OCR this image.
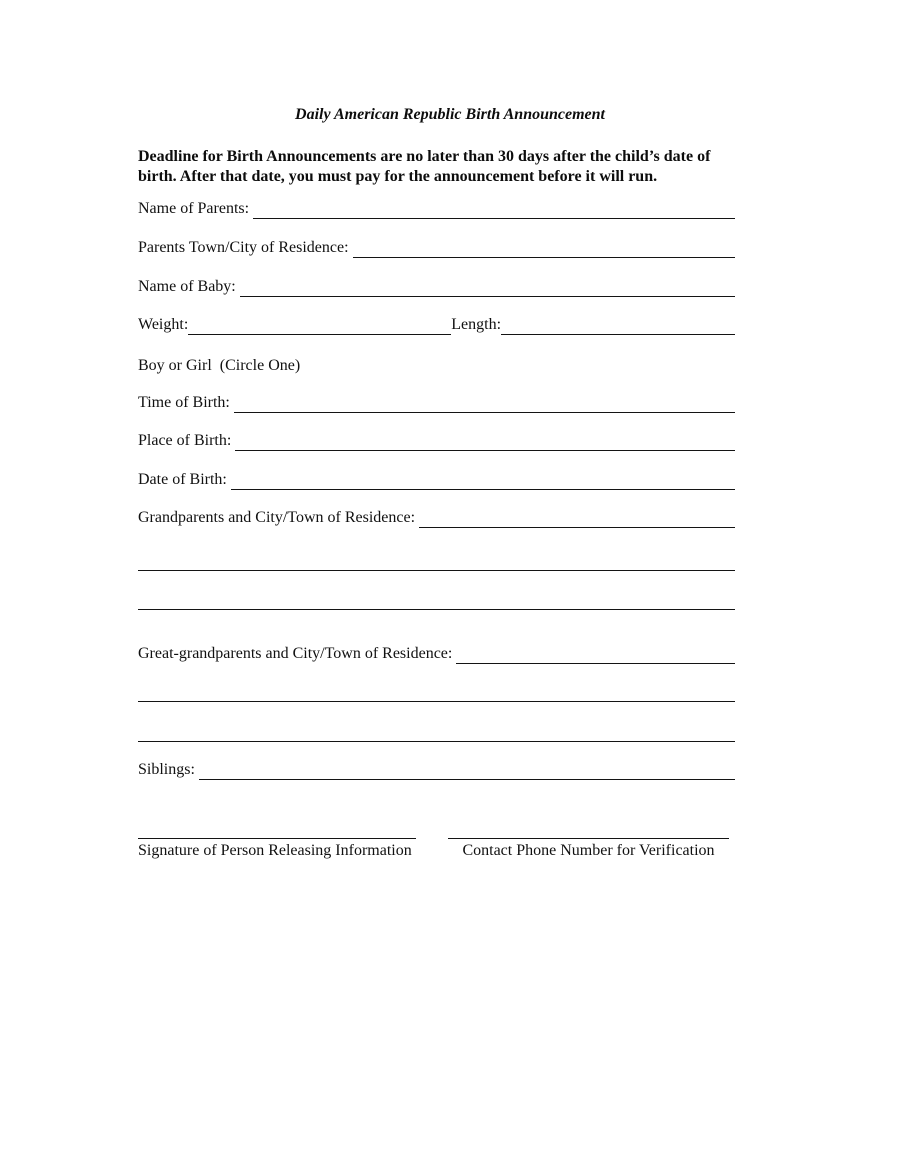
Daily American Republic Birth Announcement

Deadline for Birth Announcements are no later than 30 days after the child’s date of
birth. After that date, you must pay for the announcement before it will run.

Name of Parents:
Parents Town/City of Residence:
Name of Baby:
Weight:	Length:
Boy or Girl (Circle One)
Time of Birth:
Place of Birth:
Date of Birth:
Grandparents and City/Town of Residence:
Great-grandparents and City/Town of Residence:
Siblings:
Signature of Person Releasing Information	Contact Phone Number for Verification
